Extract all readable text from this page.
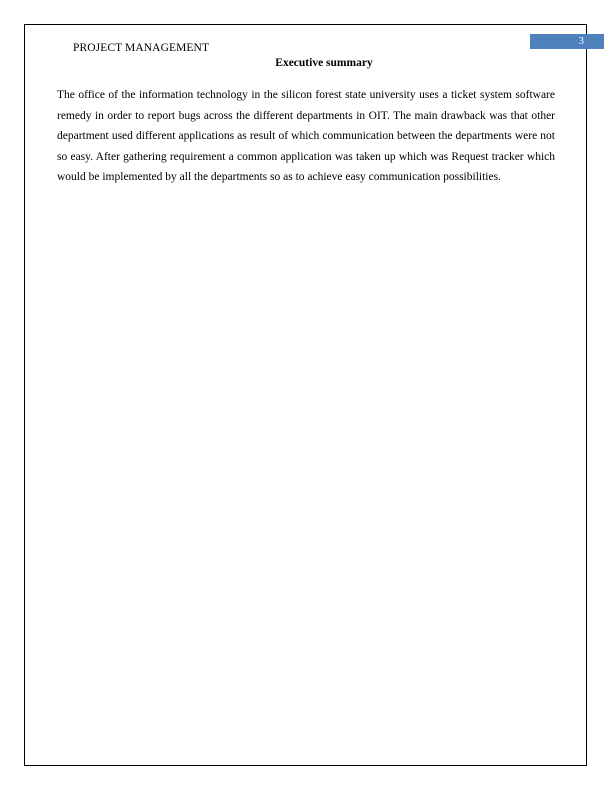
PROJECT MANAGEMENT
3
Executive summary

The office of the information technology in the silicon forest state university uses a ticket system software remedy in order to report bugs across the different departments in OIT. The main drawback was that other department used different applications as result of which communication between the departments were not so easy. After gathering requirement a common application was taken up which was Request tracker which would be implemented by all the departments so as to achieve easy communication possibilities.
